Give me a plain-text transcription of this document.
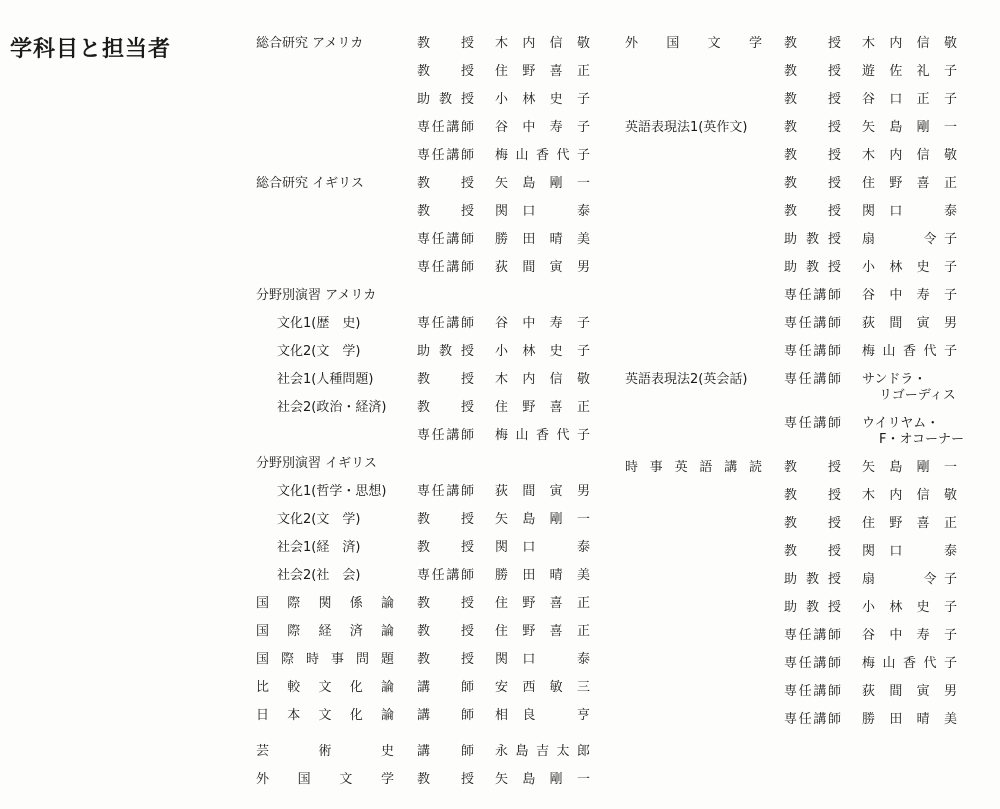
学科目と担当者	総合研究 アメリカ	教授 木内信敬
教授 住野喜正
助教授 小林史子
専任講師 谷中寿子
専任講師 梅山香代子
総合研究 イギリス	教授 矢島剛一
教授 関口　泰
専任講師 勝田晴美
専任講師 荻間寅男
分野別演習 アメリカ
文化1(歴　史)	専任講師 谷中寿子
文化2(文　学)	助教授 小林史子
社会1(人種問題)	教授 木内信敬
社会2(政治・経済) 教授 住野喜正
専任講師 梅山香代子
分野別演習 イギリス
文化1(哲学・思想) 専任講師 荻間寅男
文化2(文　学)	教授 矢島剛一
社会1(経　済)	教授 関口　泰
社会2(社　会)	専任講師 勝田晴美
国際関係論 教授 住野喜正
国際経済論 教授 住野喜正
国際時事問題 教授 関口　泰
比較文化論 講師 安西敏三
日本文化論 講師 相良　亨
芸術史 講師 永島吉太郎
外国文学 教授 矢島剛一
外国文学 教授 木内信敬
教授 遊佐礼子
教授 谷口正子
英語表現法1(英作文)	教授 矢島剛一
教授 木内信敬
教授 住野喜正
教授 関口　泰
助教授 扇　　令子
助教授 小林史子
専任講師 谷中寿子
専任講師 荻間寅男
専任講師 梅山香代子
英語表現法2(英会話)	専任講師 サンドラ・
リゴーディス
専任講師 ウイリヤム・
F・オコーナー
時事英語講読 教授 矢島剛一
教授 木内信敬
教授 住野喜正
教授 関口　泰
助教授 扇　　令子
助教授 小林史子
専任講師 谷中寿子
専任講師 梅山香代子
専任講師 荻間寅男
専任講師 勝田晴美
